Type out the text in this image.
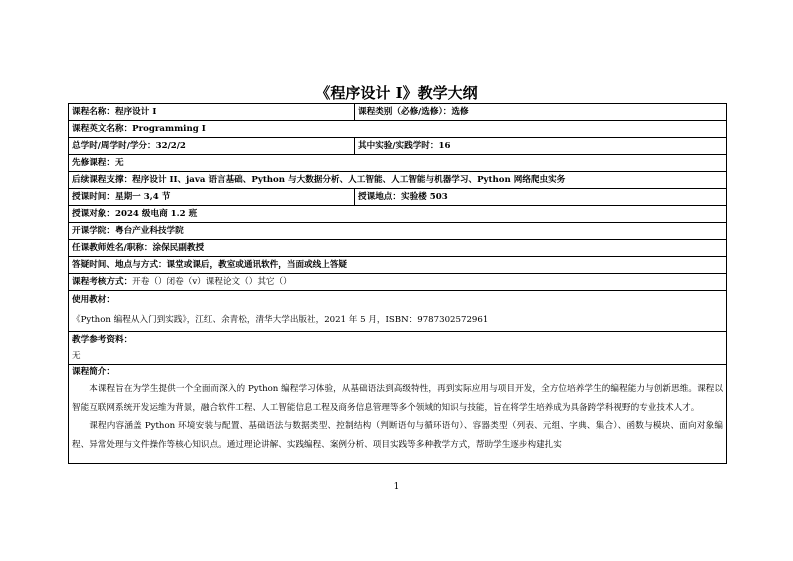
《程序设计 I》教学大纲
课程名称：程序设计 I	课程类别（必修/选修）：选修
课程英文名称：Programming I	
总学时/周学时/学分：32/2/2	其中实验/实践学时：16
先修课程：无	
后续课程支撑：程序设计 II、java 语言基础、Python 与大数据分析、人工智能、人工智能与机器学习、Python 网络爬虫实务	
授课时间：星期一 3,4 节	授课地点：实验楼 503
授课对象：2024 级电商 1.2 班	
开课学院：粤台产业科技学院	
任课教师姓名/职称：涂保民副教授	
答疑时间、地点与方式：课堂或课后，教室或通讯软件，当面或线上答疑	
课程考核方式：开卷（）闭卷（v）课程论文（）其它（）	

使用教材：
《Python 编程从入门到实践》，江红、余青松，清华大学出版社，2021 年 5 月，ISBN：9787302572961	

教学参考资料：
无	

课程简介：

本课程旨在为学生提供一个全面而深入的 Python 编程学习体验，从基础语法到高级特性，再到实际应用与项目开发，全方位培养学生的编程能力与创新思维。课程以智能互联网系统开发运维为背景，融合软件工程、人工智能信息工程及商务信息管理等多个领域的知识与技能，旨在将学生培养成为具备跨学科视野的专业技术人才。

课程内容涵盖 Python 环境安装与配置、基础语法与数据类型、控制结构（判断语句与循环语句）、容器类型（列表、元组、字典、集合）、函数与模块、面向对象编程、异常处理与文件操作等核心知识点。通过理论讲解、实践编程、案例分析、项目实践等多种教学方式，帮助学生逐步构建扎实	

1
